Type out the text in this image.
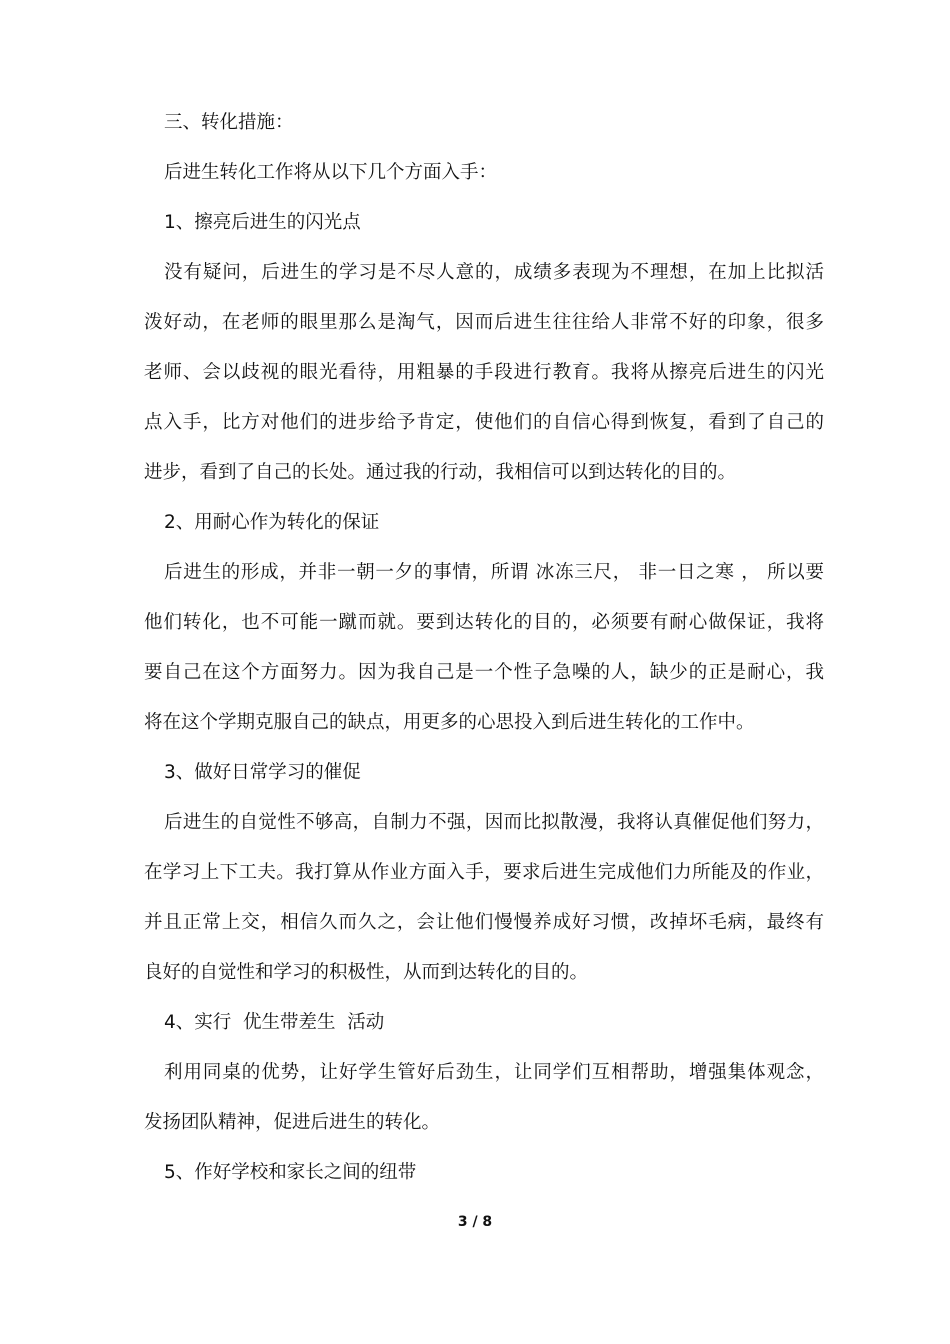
三、转化措施：
后进生转化工作将从以下几个方面入手：
1、擦亮后进生的闪光点
没有疑问，后进生的学习是不尽人意的，成绩多表现为不理想，在加上比拟活
泼好动，在老师的眼里那么是淘气，因而后进生往往给人非常不好的印象，很多
老师、会以歧视的眼光看待，用粗暴的手段进行教育。我将从擦亮后进生的闪光
点入手，比方对他们的进步给予肯定，使他们的自信心得到恢复，看到了自己的
进步，看到了自己的长处。通过我的行动，我相信可以到达转化的目的。
2、用耐心作为转化的保证
后进生的形成，并非一朝一夕的事情，所谓 冰冻三尺， 非一日之寒 ， 所以要
他们转化，也不可能一蹴而就。要到达转化的目的，必须要有耐心做保证，我将
要自己在这个方面努力。因为我自己是一个性子急噪的人，缺少的正是耐心，我
将在这个学期克服自己的缺点，用更多的心思投入到后进生转化的工作中。
3、做好日常学习的催促
后进生的自觉性不够高，自制力不强，因而比拟散漫，我将认真催促他们努力，
在学习上下工夫。我打算从作业方面入手，要求后进生完成他们力所能及的作业，
并且正常上交，相信久而久之，会让他们慢慢养成好习惯，改掉坏毛病，最终有
良好的自觉性和学习的积极性，从而到达转化的目的。
4、实行  优生带差生  活动
利用同桌的优势，让好学生管好后劲生，让同学们互相帮助，增强集体观念，
发扬团队精神，促进后进生的转化。
5、作好学校和家长之间的纽带
3 / 8
